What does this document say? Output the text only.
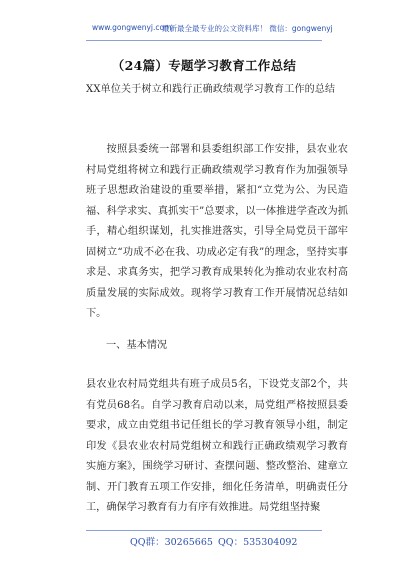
www.gongwenyj.com
最新最全最专业的公文资料库！ 微信：gongwenyj
（24篇）专题学习教育工作总结
XX单位关于树立和践行正确政绩观学习教育工作的总结
按照县委统一部署和县委组织部工作安排，县农业农村局党组将树立和践行正确政绩观学习教育作为加强领导班子思想政治建设的重要举措，紧扣“立党为公、为民造福、科学求实、真抓实干”总要求，以一体推进学查改为抓手，精心组织谋划，扎实推进落实，引导全局党员干部牢固树立“功成不必在我、功成必定有我”的理念，坚持实事求是、求真务实，把学习教育成果转化为推动农业农村高质量发展的实际成效。现将学习教育工作开展情况总结如下。
一、基本情况
县农业农村局党组共有班子成员5名，下设党支部2个，共有党员68名。自学习教育启动以来，局党组严格按照县委要求，成立由党组书记任组长的学习教育领导小组，制定印发《县农业农村局党组树立和践行正确政绩观学习教育实施方案》，围绕学习研讨、查摆问题、整改整治、建章立制、开门教育五项工作安排，细化任务清单，明确责任分工，确保学习教育有力有序有效推进。局党组坚持聚
QQ群：30265665 QQ：535304092
